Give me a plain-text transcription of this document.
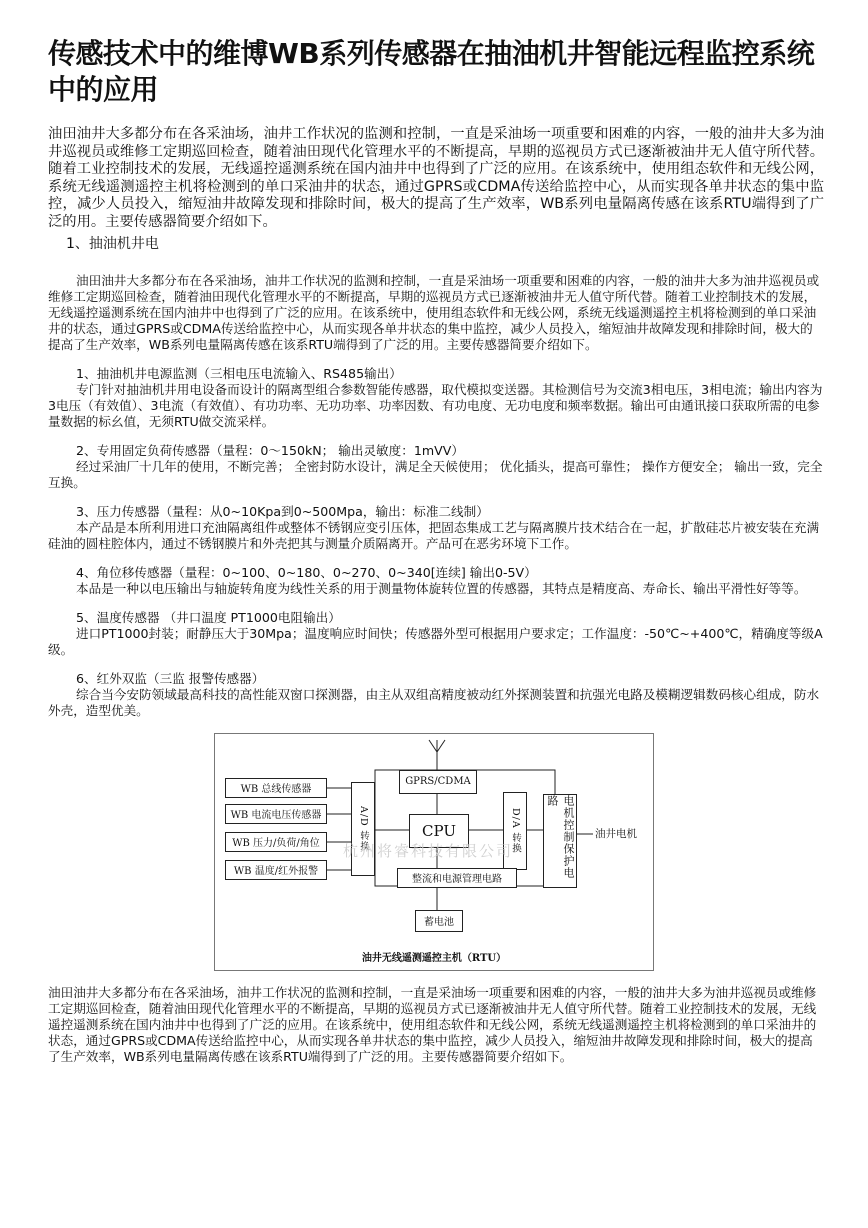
传感技术中的维博WB系列传感器在抽油机井智能远程监控系统中的应用

油田油井大多都分布在各采油场，油井工作状况的监测和控制，一直是采油场一项重要和困难的内容，一般的油井大多为油井巡视员或维修工定期巡回检查，随着油田现代化管理水平的不断提高，早期的巡视员方式已逐渐被油井无人值守所代替。随着工业控制技术的发展，无线遥控遥测系统在国内油井中也得到了广泛的应用。在该系统中，使用组态软件和无线公网，系统无线遥测遥控主机将检测到的单口采油井的状态，通过GPRS或CDMA传送给监控中心，从而实现各单井状态的集中监控，减少人员投入，缩短油井故障发现和排除时间，极大的提高了生产效率，WB系列电量隔离传感在该系RTU端得到了广泛的用。主要传感器简要介绍如下。

1、抽油机井电

油田油井大多都分布在各采油场，油井工作状况的监测和控制，一直是采油场一项重要和困难的内容，一般的油井大多为油井巡视员或维修工定期巡回检查，随着油田现代化管理水平的不断提高，早期的巡视员方式已逐渐被油井无人值守所代替。随着工业控制技术的发展，无线遥控遥测系统在国内油井中也得到了广泛的应用。在该系统中，使用组态软件和无线公网，系统无线遥测遥控主机将检测到的单口采油井的状态，通过GPRS或CDMA传送给监控中心，从而实现各单井状态的集中监控，减少人员投入，缩短油井故障发现和排除时间，极大的提高了生产效率，WB系列电量隔离传感在该系RTU端得到了广泛的用。主要传感器简要介绍如下。

1、抽油机井电源监测（三相电压电流输入、RS485输出）
专门针对抽油机井用电设备而设计的隔离型组合参数智能传感器，取代模拟变送器。其检测信号为交流3相电压，3相电流；输出内容为3电压（有效值）、3电流（有效值）、有功功率、无功功率、功率因数、有功电度、无功电度和频率数据。输出可由通讯接口获取所需的电参量数据的标幺值，无须RTU做交流采样。
2、专用固定负荷传感器（量程：0～150kN； 输出灵敏度：1mVV）
经过采油厂十几年的使用，不断完善； 全密封防水设计，满足全天候使用； 优化插头，提高可靠性； 操作方便安全； 输出一致，完全互换。
3、压力传感器（量程：从0~10Kpa到0~500Mpa，输出：标准二线制）
本产品是本所利用进口充油隔离组件或整体不锈钢应变引压体，把固态集成工艺与隔离膜片技术结合在一起，扩散硅芯片被安装在充满硅油的圆柱腔体内，通过不锈钢膜片和外壳把其与测量介质隔离开。产品可在恶劣环境下工作。
4、角位移传感器（量程：0~100、0~180、0~270、0~340[连续] 输出0-5V）
本品是一种以电压输出与轴旋转角度为线性关系的用于测量物体旋转位置的传感器，其特点是精度高、寿命长、输出平滑性好等等。
5、温度传感器 （井口温度 PT1000电阻输出）
进口PT1000封装；耐静压大于30Mpa；温度响应时间快；传感器外型可根据用户要求定；工作温度：-50℃~+400℃，精确度等级A级。
6、红外双监（三监 报警传感器）
综合当今安防领域最高科技的高性能双窗口探测器，由主从双组高精度被动红外探测装置和抗强光电路及模糊逻辑数码核心组成，防水外壳，造型优美。
WB 总线传感器
WB 电流电压传感器
WB 压力/负荷/角位
WB 温度/红外报警
A/D 转换
GPRS/CDMA
CPU	D/A 转换	电机控制保护电路
油井电机
整流和电源管理电路
蓄电池
杭州将睿科技有限公司
油井无线遥测遥控主机（RTU）

油田油井大多都分布在各采油场，油井工作状况的监测和控制，一直是采油场一项重要和困难的内容，一般的油井大多为油井巡视员或维修工定期巡回检查，随着油田现代化管理水平的不断提高，早期的巡视员方式已逐渐被油井无人值守所代替。随着工业控制技术的发展，无线遥控遥测系统在国内油井中也得到了广泛的应用。在该系统中，使用组态软件和无线公网，系统无线遥测遥控主机将检测到的单口采油井的状态，通过GPRS或CDMA传送给监控中心，从而实现各单井状态的集中监控，减少人员投入，缩短油井故障发现和排除时间，极大的提高了生产效率，WB系列电量隔离传感在该系RTU端得到了广泛的用。主要传感器简要介绍如下。
